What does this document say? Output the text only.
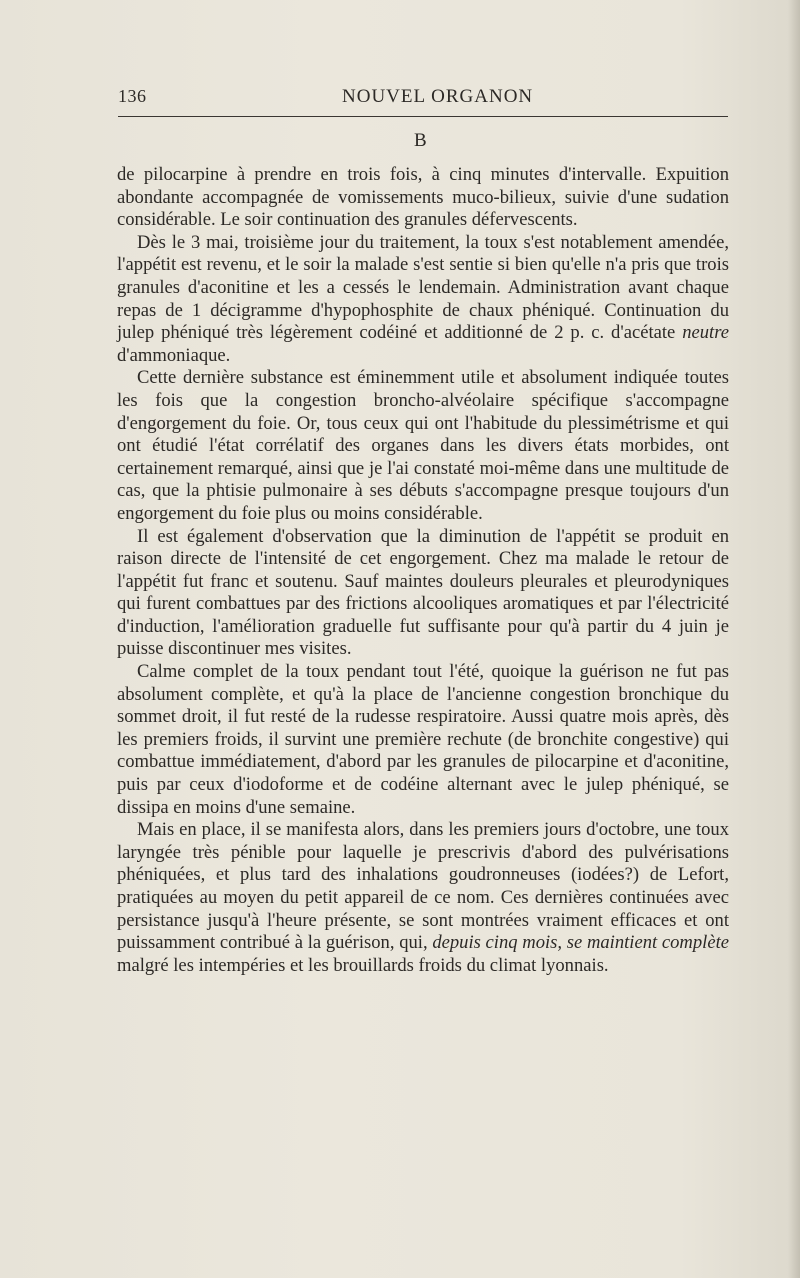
136	NOUVEL ORGANON
B

de pilocarpine à prendre en trois fois, à cinq minutes d'intervalle. Expuition abondante accompagnée de vomissements muco-bilieux, suivie d'une sudation considérable. Le soir continuation des granules défervescents.

Dès le 3 mai, troisième jour du traitement, la toux s'est notablement amendée, l'appétit est revenu, et le soir la malade s'est sentie si bien qu'elle n'a pris que trois granules d'aconitine et les a cessés le lendemain. Administration avant chaque repas de 1 décigramme d'hypophosphite de chaux phéniqué. Continuation du julep phéniqué très légèrement codéiné et additionné de 2 p. c. d'acétate neutre d'ammoniaque.

Cette dernière substance est éminemment utile et absolument indiquée toutes les fois que la congestion broncho-alvéolaire spécifique s'accompagne d'engorgement du foie. Or, tous ceux qui ont l'habitude du plessimétrisme et qui ont étudié l'état corrélatif des organes dans les divers états morbides, ont certainement remarqué, ainsi que je l'ai constaté moi-même dans une multitude de cas, que la phtisie pulmonaire à ses débuts s'accompagne presque toujours d'un engorgement du foie plus ou moins considérable.

Il est également d'observation que la diminution de l'appétit se produit en raison directe de l'intensité de cet engorgement. Chez ma malade le retour de l'appétit fut franc et soutenu. Sauf maintes douleurs pleurales et pleurodyniques qui furent combattues par des frictions alcooliques aromatiques et par l'électricité d'induction, l'amélioration graduelle fut suffisante pour qu'à partir du 4 juin je puisse discontinuer mes visites.

Calme complet de la toux pendant tout l'été, quoique la guérison ne fut pas absolument complète, et qu'à la place de l'ancienne congestion bronchique du sommet droit, il fut resté de la rudesse respiratoire. Aussi quatre mois après, dès les premiers froids, il survint une première rechute (de bronchite congestive) qui combattue immédiatement, d'abord par les granules de pilocarpine et d'aconitine, puis par ceux d'iodoforme et de codéine alternant avec le julep phéniqué, se dissipa en moins d'une semaine.

Mais en place, il se manifesta alors, dans les premiers jours d'octobre, une toux laryngée très pénible pour laquelle je prescrivis d'abord des pulvérisations phéniquées, et plus tard des inhalations goudronneuses (iodées?) de Lefort, pratiquées au moyen du petit appareil de ce nom. Ces dernières continuées avec persistance jusqu'à l'heure présente, se sont montrées vraiment efficaces et ont puissamment contribué à la guérison, qui, depuis cinq mois, se maintient complète malgré les intempéries et les brouillards froids du climat lyonnais.
